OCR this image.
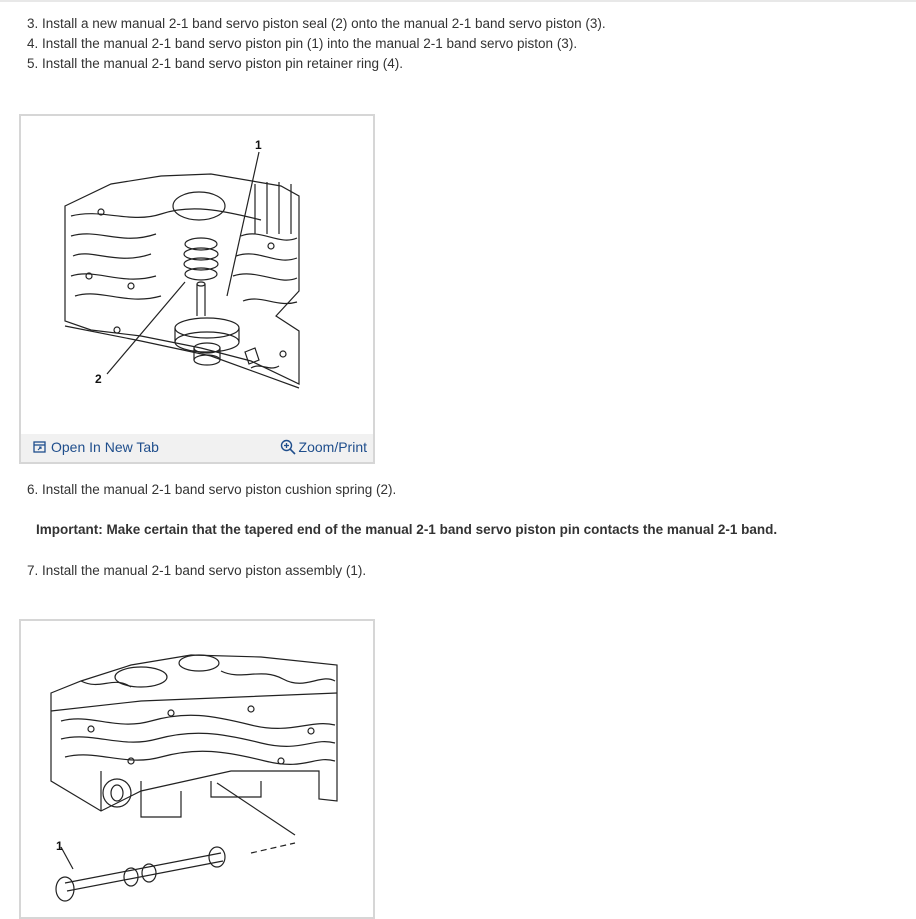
3. Install a new manual 2-1 band servo piston seal (2) onto the manual 2-1 band servo piston (3).
4. Install the manual 2-1 band servo piston pin (1) into the manual 2-1 band servo piston (3).
5. Install the manual 2-1 band servo piston pin retainer ring (4).
1
2
Open In New Tab	Zoom/Print
6. Install the manual 2-1 band servo piston cushion spring (2).
Important: Make certain that the tapered end of the manual 2-1 band servo piston pin contacts the manual 2-1 band.
7. Install the manual 2-1 band servo piston assembly (1).
1
